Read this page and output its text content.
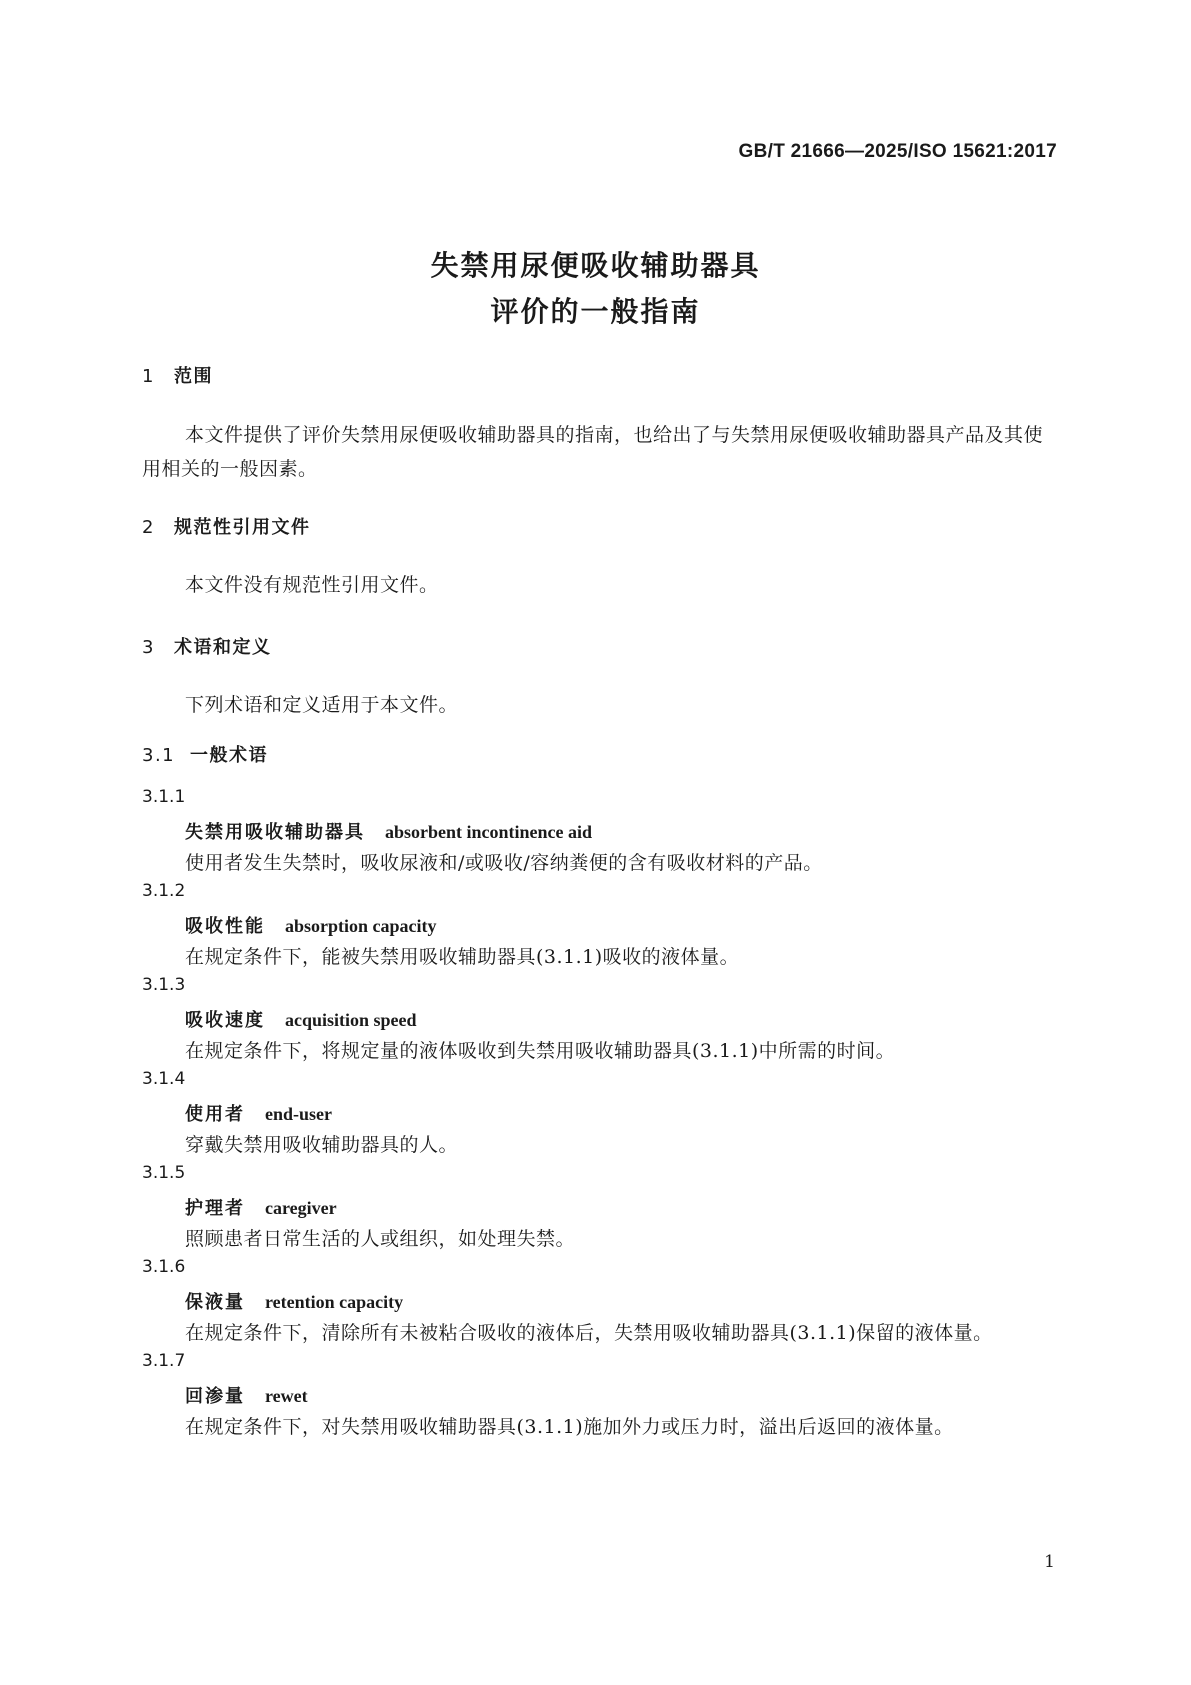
GB/T 21666—2025/ISO 15621:2017
失禁用尿便吸收辅助器具
评价的一般指南
1 范围
本文件提供了评价失禁用尿便吸收辅助器具的指南，也给出了与失禁用尿便吸收辅助器具产品及其使用相关的一般因素。
2 规范性引用文件
本文件没有规范性引用文件。
3 术语和定义
下列术语和定义适用于本文件。
3.1 一般术语
3.1.1
失禁用吸收辅助器具 absorbent incontinence aid
使用者发生失禁时，吸收尿液和/或吸收/容纳粪便的含有吸收材料的产品。
3.1.2
吸收性能 absorption capacity
在规定条件下，能被失禁用吸收辅助器具(3.1.1)吸收的液体量。
3.1.3
吸收速度 acquisition speed
在规定条件下，将规定量的液体吸收到失禁用吸收辅助器具(3.1.1)中所需的时间。
3.1.4
使用者 end-user
穿戴失禁用吸收辅助器具的人。
3.1.5
护理者 caregiver
照顾患者日常生活的人或组织，如处理失禁。
3.1.6
保液量 retention capacity
在规定条件下，清除所有未被粘合吸收的液体后，失禁用吸收辅助器具(3.1.1)保留的液体量。
3.1.7
回渗量 rewet
在规定条件下，对失禁用吸收辅助器具(3.1.1)施加外力或压力时，溢出后返回的液体量。
1
